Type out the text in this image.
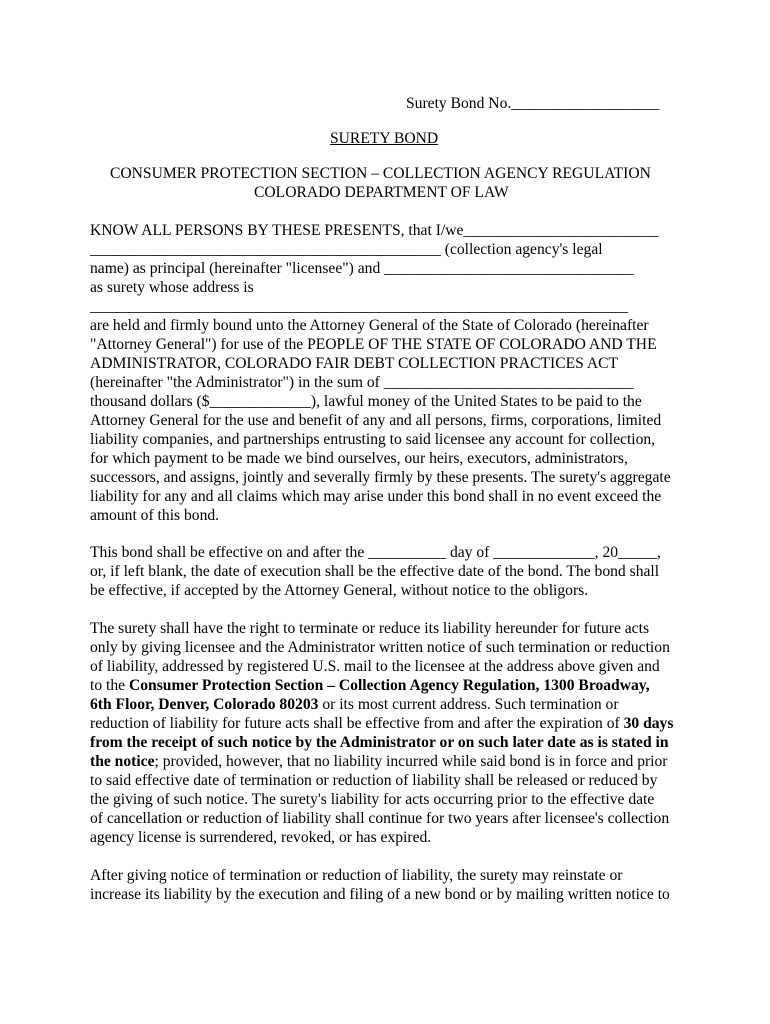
Surety Bond No.___________________
SURETY BOND
CONSUMER PROTECTION SECTION – COLLECTION AGENCY REGULATION
COLORADO DEPARTMENT OF LAW
KNOW ALL PERSONS BY THESE PRESENTS, that I/we_________________________
_____________________________________________ (collection agency's legal
name) as principal (hereinafter "licensee") and ________________________________
as surety whose address is
_____________________________________________________________________
are held and firmly bound unto the Attorney General of the State of Colorado (hereinafter
"Attorney General") for use of the PEOPLE OF THE STATE OF COLORADO AND THE
ADMINISTRATOR, COLORADO FAIR DEBT COLLECTION PRACTICES ACT
(hereinafter "the Administrator") in the sum of ________________________________
thousand dollars ($_____________), lawful money of the United States to be paid to the
Attorney General for the use and benefit of any and all persons, firms, corporations, limited
liability companies, and partnerships entrusting to said licensee any account for collection,
for which payment to be made we bind ourselves, our heirs, executors, administrators,
successors, and assigns, jointly and severally firmly by these presents. The surety's aggregate
liability for any and all claims which may arise under this bond shall in no event exceed the
amount of this bond.
This bond shall be effective on and after the __________ day of _____________, 20_____,
or, if left blank, the date of execution shall be the effective date of the bond. The bond shall
be effective, if accepted by the Attorney General, without notice to the obligors.
The surety shall have the right to terminate or reduce its liability hereunder for future acts
only by giving licensee and the Administrator written notice of such termination or reduction
of liability, addressed by registered U.S. mail to the licensee at the address above given and
to the Consumer Protection Section – Collection Agency Regulation, 1300 Broadway,
6th Floor, Denver, Colorado 80203 or its most current address. Such termination or
reduction of liability for future acts shall be effective from and after the expiration of 30 days
from the receipt of such notice by the Administrator or on such later date as is stated in
the notice; provided, however, that no liability incurred while said bond is in force and prior
to said effective date of termination or reduction of liability shall be released or reduced by
the giving of such notice. The surety's liability for acts occurring prior to the effective date
of cancellation or reduction of liability shall continue for two years after licensee's collection
agency license is surrendered, revoked, or has expired.
After giving notice of termination or reduction of liability, the surety may reinstate or
increase its liability by the execution and filing of a new bond or by mailing written notice to
